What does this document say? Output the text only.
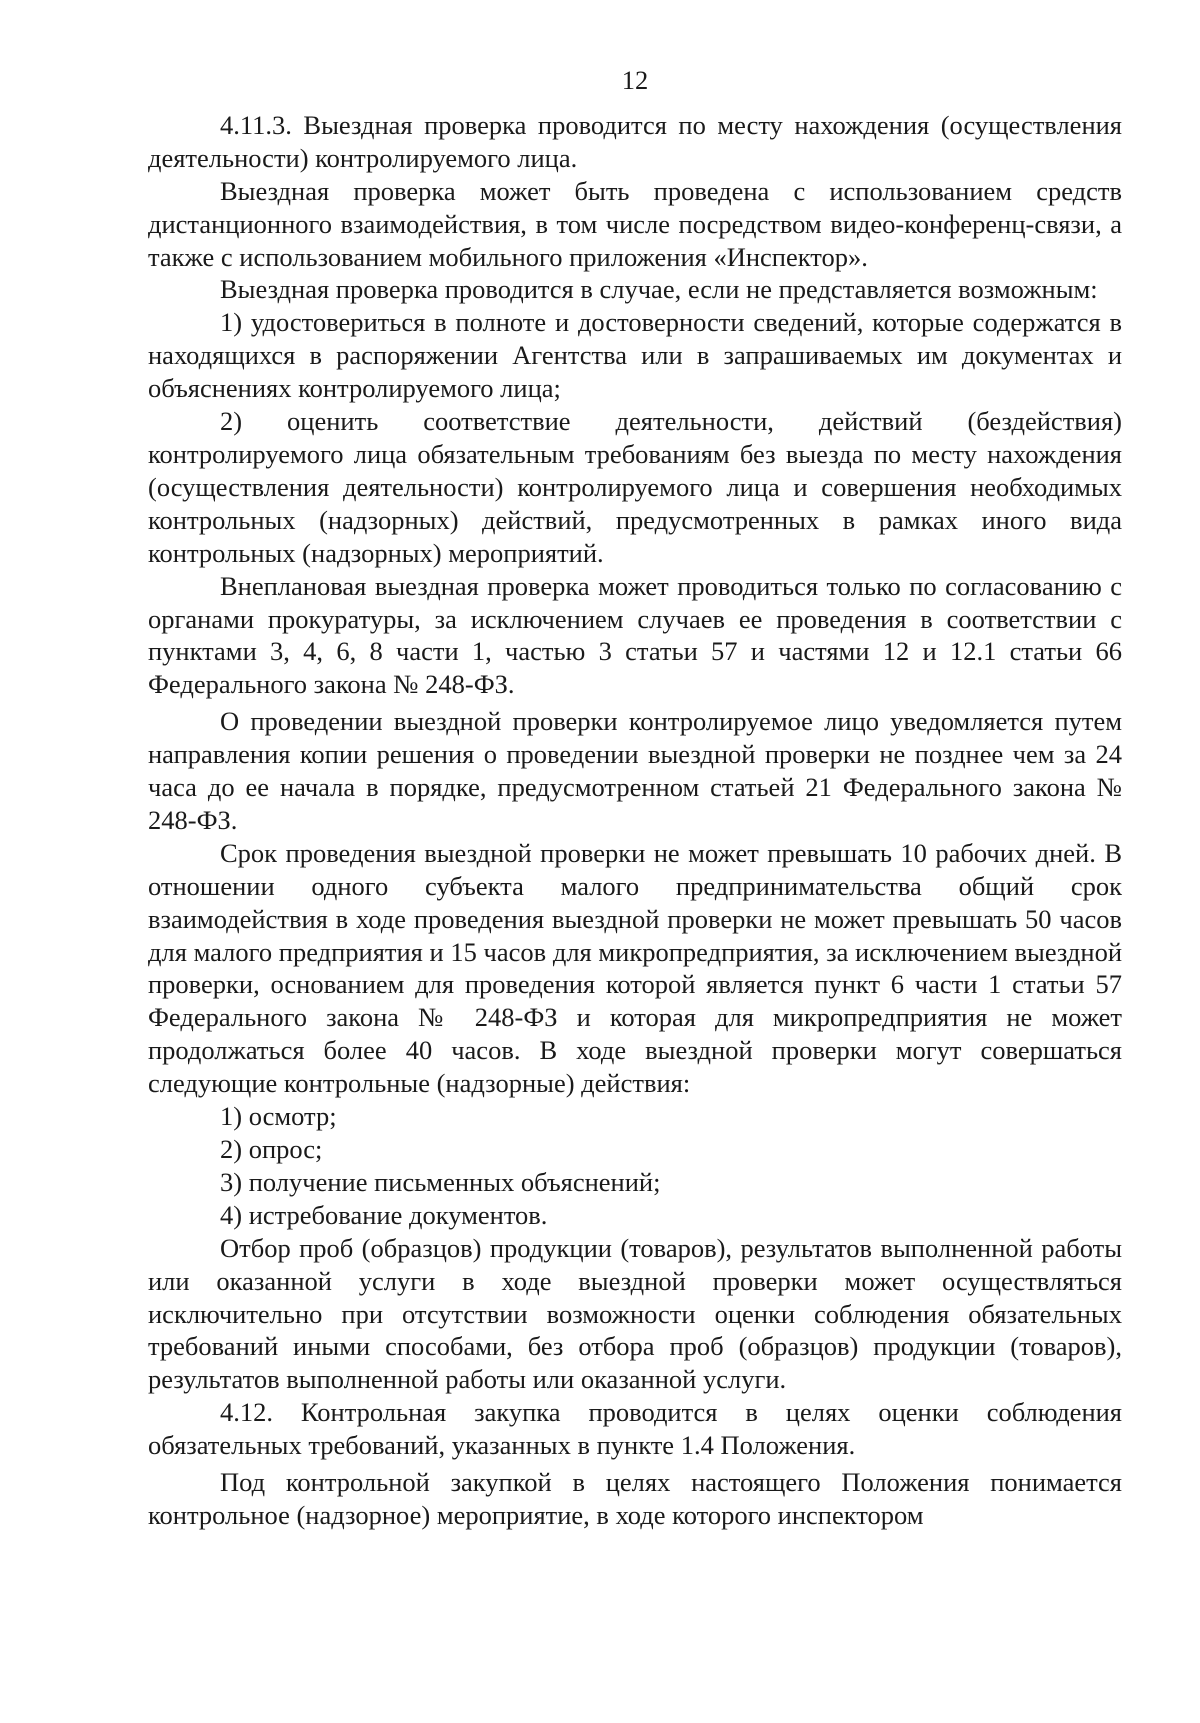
12

4.11.3. Выездная проверка проводится по месту нахождения (осуществления деятельности) контролируемого лица.

Выездная проверка может быть проведена с использованием средств дистанционного взаимодействия, в том числе посредством видео-конференц-связи, а также с использованием мобильного приложения «Инспектор».

Выездная проверка проводится в случае, если не представляется возможным:

1) удостовериться в полноте и достоверности сведений, которые содержатся в находящихся в распоряжении Агентства или в запрашиваемых им документах и объяснениях контролируемого лица;

2) оценить соответствие деятельности, действий (бездействия) контролируемого лица обязательным требованиям без выезда по месту нахождения (осуществления деятельности) контролируемого лица и совершения необходимых контрольных (надзорных) действий, предусмотренных в рамках иного вида контрольных (надзорных) мероприятий.

Внеплановая выездная проверка может проводиться только по согласованию с органами прокуратуры, за исключением случаев ее проведения в соответствии с пунктами 3, 4, 6, 8 части 1, частью 3 статьи 57 и частями 12 и 12.1 статьи 66 Федерального закона № 248-ФЗ.

О проведении выездной проверки контролируемое лицо уведомляется путем направления копии решения о проведении выездной проверки не позднее чем за 24 часа до ее начала в порядке, предусмотренном статьей 21 Федерального закона № 248-ФЗ.

Срок проведения выездной проверки не может превышать 10 рабочих дней. В отношении одного субъекта малого предпринимательства общий срок взаимодействия в ходе проведения выездной проверки не может превышать 50 часов для малого предприятия и 15 часов для микропредприятия, за исключением выездной проверки, основанием для проведения которой является пункт 6 части 1 статьи 57 Федерального закона № 248-ФЗ и которая для микропредприятия не может продолжаться более 40 часов. В ходе выездной проверки могут совершаться следующие контрольные (надзорные) действия:

1) осмотр;

2) опрос;

3) получение письменных объяснений;

4) истребование документов.

Отбор проб (образцов) продукции (товаров), результатов выполненной работы или оказанной услуги в ходе выездной проверки может осуществляться исключительно при отсутствии возможности оценки соблюдения обязательных требований иными способами, без отбора проб (образцов) продукции (товаров), результатов выполненной работы или оказанной услуги.

4.12. Контрольная закупка проводится в целях оценки соблюдения обязательных требований, указанных в пункте 1.4 Положения.

Под контрольной закупкой в целях настоящего Положения понимается контрольное (надзорное) мероприятие, в ходе которого инспектором
